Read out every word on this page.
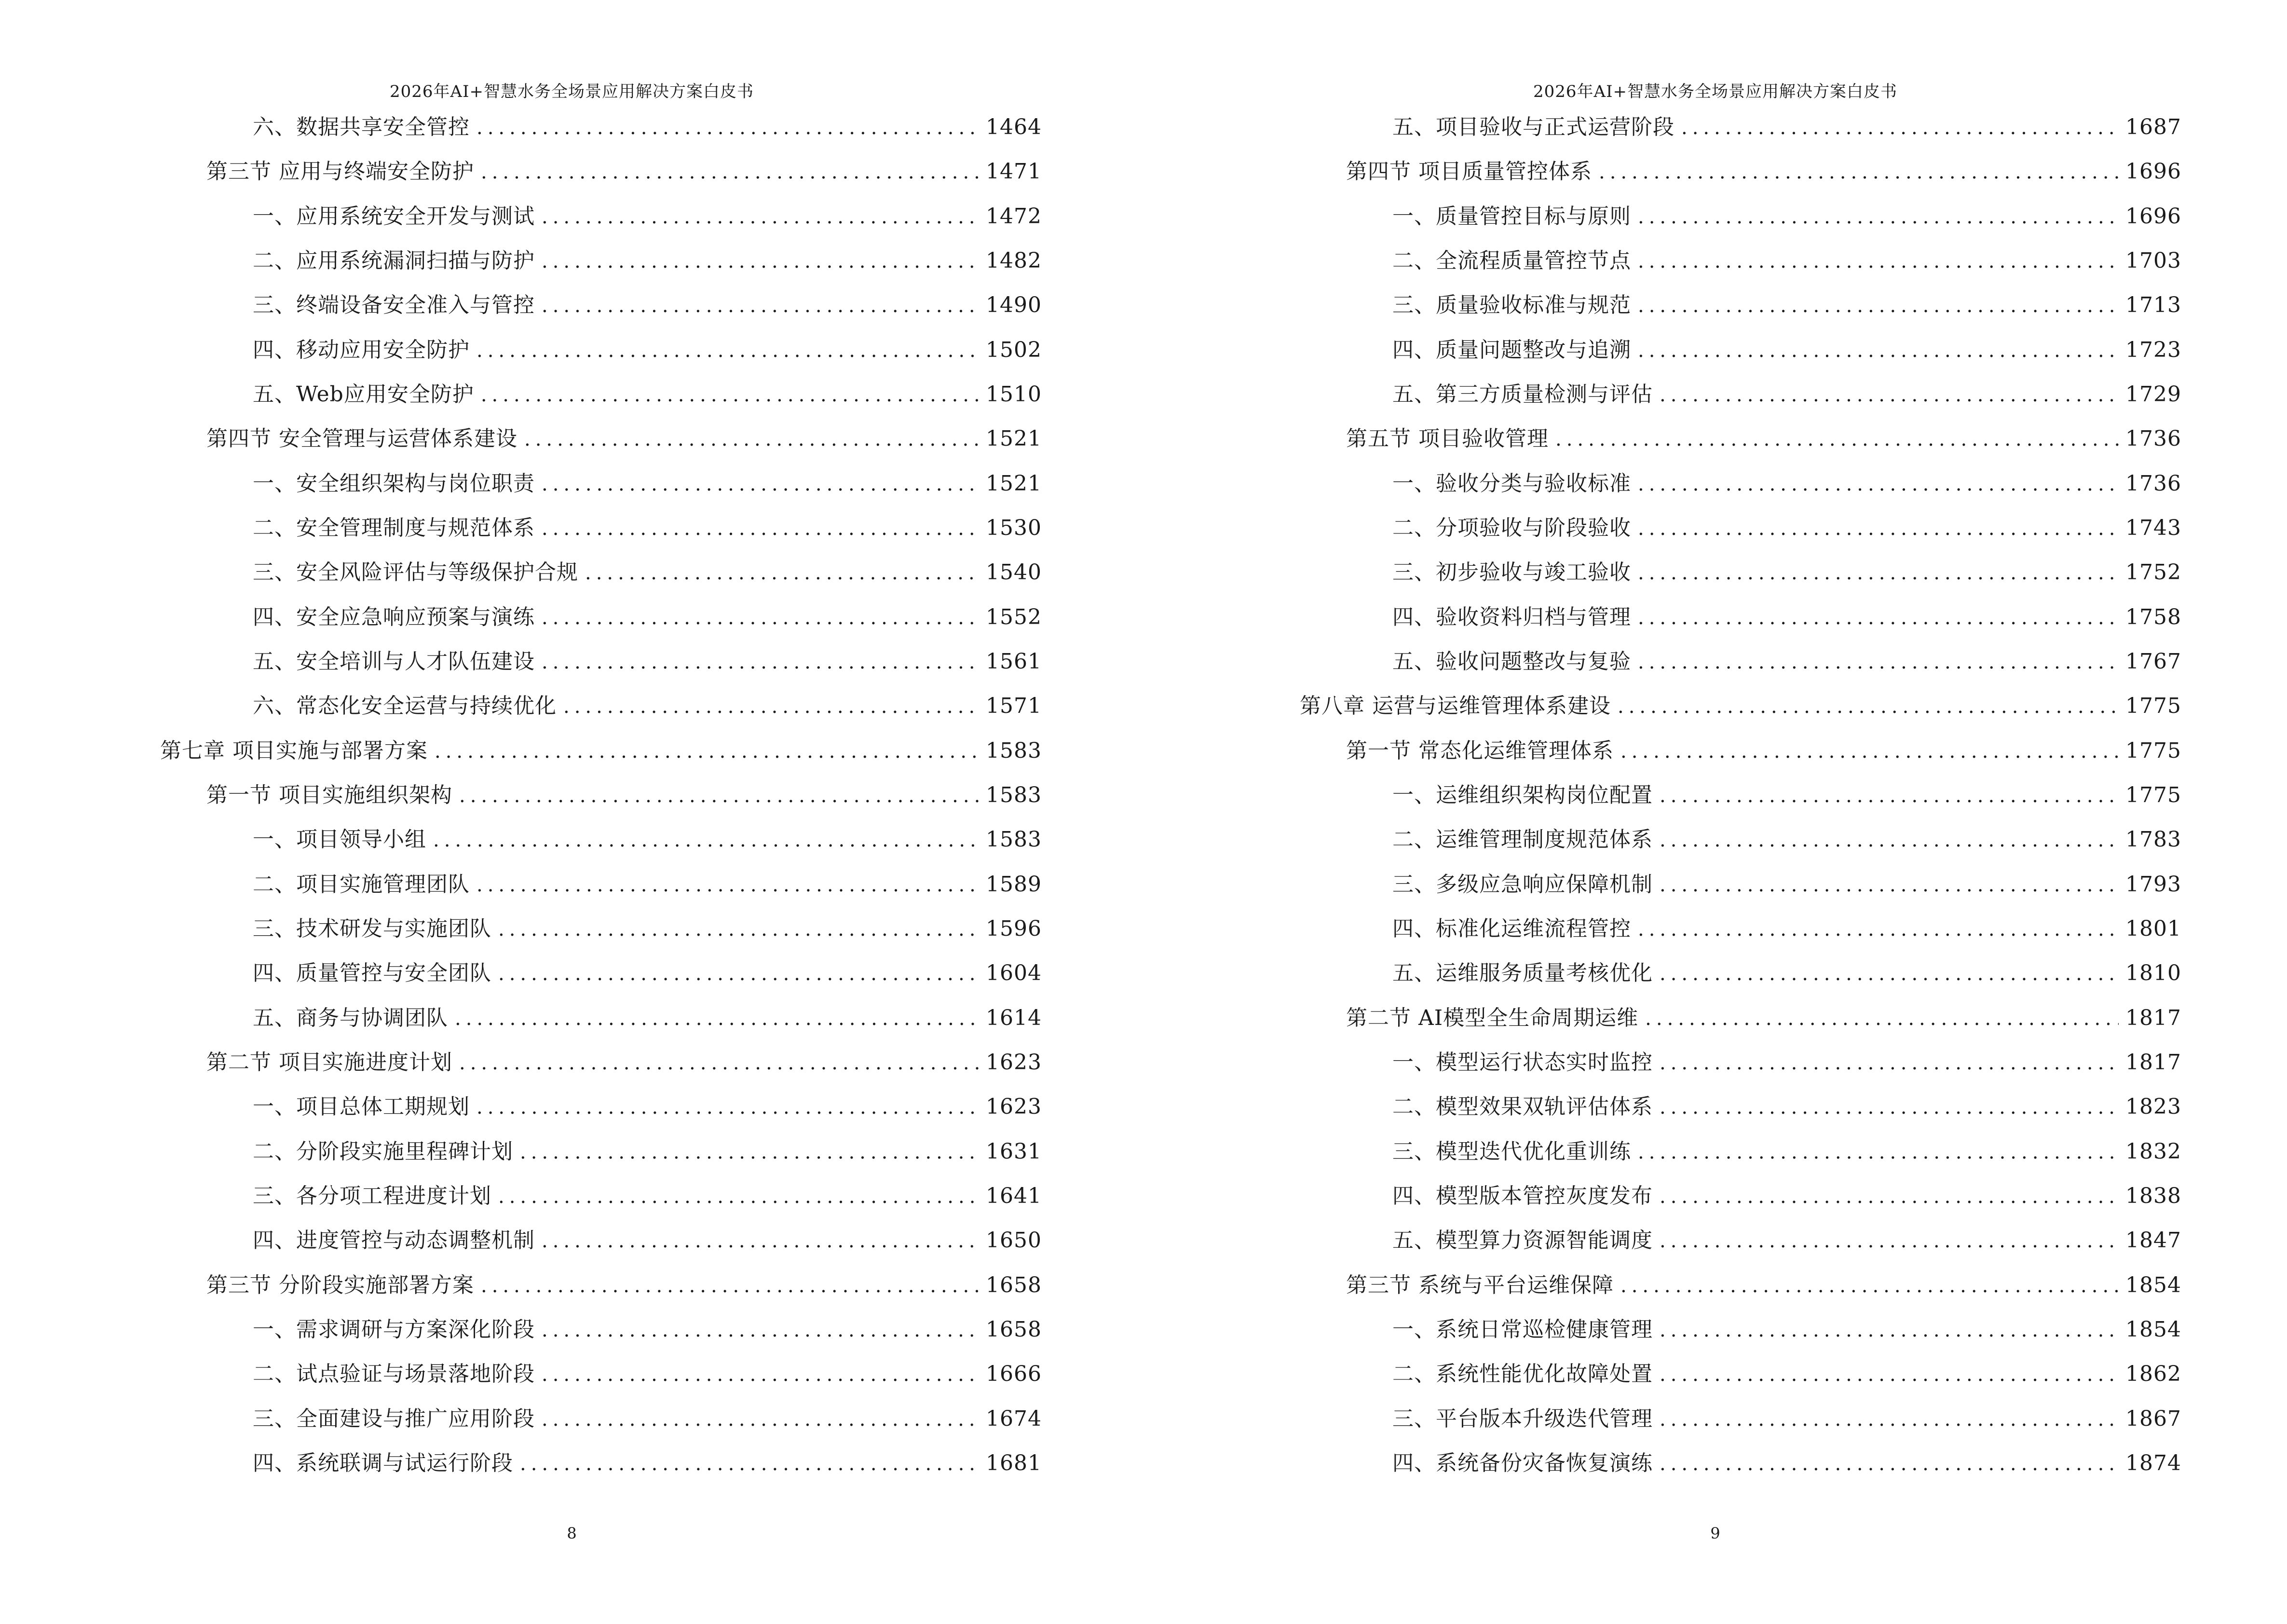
2026年AI+智慧水务全场景应用解决方案白皮书
六、数据共享安全管控 .....	1464
第三节 应用与终端安全防护 .....	1471
一、应用系统安全开发与测试 .....	1472
二、应用系统漏洞扫描与防护 .....	1482
三、终端设备安全准入与管控 .....	1490
四、移动应用安全防护 .....	1502
五、Web应用安全防护 .....	1510
第四节 安全管理与运营体系建设 .....	1521
一、安全组织架构与岗位职责 .....	1521
二、安全管理制度与规范体系 .....	1530
三、安全风险评估与等级保护合规 .....	1540
四、安全应急响应预案与演练 .....	1552
五、安全培训与人才队伍建设 .....	1561
六、常态化安全运营与持续优化 .....	1571
第七章 项目实施与部署方案 .....	1583
第一节 项目实施组织架构 .....	1583
一、项目领导小组 .....	1583
二、项目实施管理团队 .....	1589
三、技术研发与实施团队 .....	1596
四、质量管控与安全团队 .....	1604
五、商务与协调团队 .....	1614
第二节 项目实施进度计划 .....	1623
一、项目总体工期规划 .....	1623
二、分阶段实施里程碑计划 .....	1631
三、各分项工程进度计划 .....	1641
四、进度管控与动态调整机制 .....	1650
第三节 分阶段实施部署方案 .....	1658
一、需求调研与方案深化阶段 .....	1658
二、试点验证与场景落地阶段 .....	1666
三、全面建设与推广应用阶段 .....	1674
四、系统联调与试运行阶段 .....	1681
8
2026年AI+智慧水务全场景应用解决方案白皮书
五、项目验收与正式运营阶段 .....	1687
第四节 项目质量管控体系 .....	1696
一、质量管控目标与原则 .....	1696
二、全流程质量管控节点 .....	1703
三、质量验收标准与规范 .....	1713
四、质量问题整改与追溯 .....	1723
五、第三方质量检测与评估 .....	1729
第五节 项目验收管理 .....	1736
一、验收分类与验收标准 .....	1736
二、分项验收与阶段验收 .....	1743
三、初步验收与竣工验收 .....	1752
四、验收资料归档与管理 .....	1758
五、验收问题整改与复验 .....	1767
第八章 运营与运维管理体系建设 .....	1775
第一节 常态化运维管理体系 .....	1775
一、运维组织架构岗位配置 .....	1775
二、运维管理制度规范体系 .....	1783
三、多级应急响应保障机制 .....	1793
四、标准化运维流程管控 .....	1801
五、运维服务质量考核优化 .....	1810
第二节 AI模型全生命周期运维 .....	1817
一、模型运行状态实时监控 .....	1817
二、模型效果双轨评估体系 .....	1823
三、模型迭代优化重训练 .....	1832
四、模型版本管控灰度发布 .....	1838
五、模型算力资源智能调度 .....	1847
第三节 系统与平台运维保障 .....	1854
一、系统日常巡检健康管理 .....	1854
二、系统性能优化故障处置 .....	1862
三、平台版本升级迭代管理 .....	1867
四、系统备份灾备恢复演练 .....	1874
9
